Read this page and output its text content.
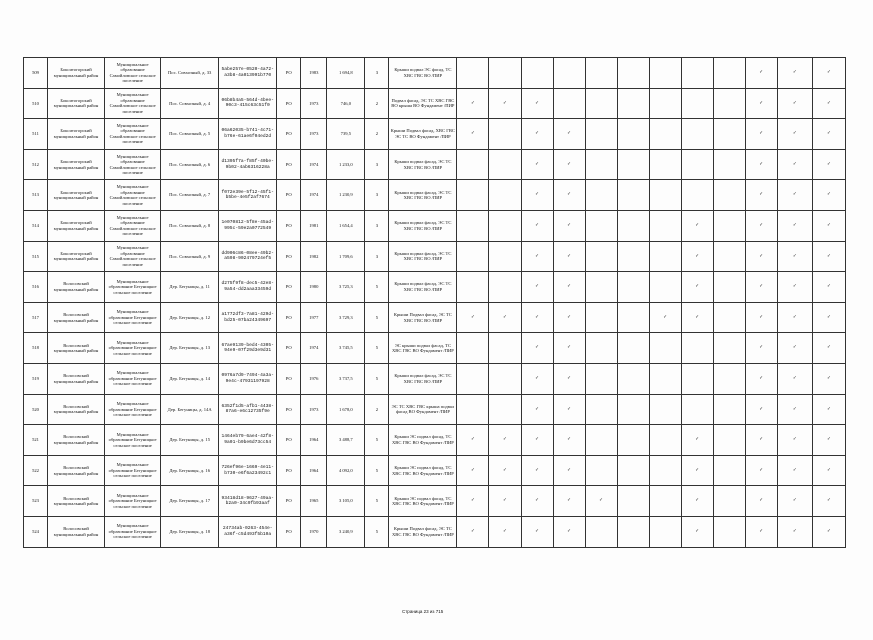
509	Бокситогорский муниципальный район	Муниципальное образование Самойловское сельское поселение	Пос. Совхозный, д. 33	5abe257e-0520-4a72-a3b8-4a013991b770	РО	1983	1 694,8	3	Крыши подвал ЭС фасад, ТС ХВС ГВС ВО /ПИР										✓	✓	✓
510	Бокситогорский муниципальный район	Муниципальное образование Самойловское сельское поселение	Пос. Совхозный, д. 4	06b8b4a5-564d-4bee-90c3-415c63c51f0	РО	1973	746,0	2	Подвал фасад, ЭС ТС ХВС ГВС ВО крыша ВО Фундамент /ПИР	✓	✓	✓							✓	✓	✓
511	Бокситогорский муниципальный район	Муниципальное образование Самойловское сельское поселение	Пос. Совхозный, д. 5	06a62035-b741-4c71-b76e-61ae6f04ed2d	РО	1973	739,5	2	Крыши Подвал фасад, ХВС ГВС ЭС ТС ВО Фундамент /ПИР	✓		✓	✓						✓	✓	✓
512	Бокситогорский муниципальный район	Муниципальное образование Самойловское сельское поселение	Пос. Совхозный, д. 6	d1395f7a-f85f-40be-9b02-4ab6316228a	РО	1974	1 233,0	3	Крыши подвал фасад, ЭС ТС ХВС ГВС ВО /ПИР			✓	✓						✓	✓	✓
513	Бокситогорский муниципальный район	Муниципальное образование Самойловское сельское поселение	Пос. Совхозный, д. 7	f072e39e-5f12-45f1-b5be-4e5f2af7674	РО	1974	1 230,9	3	Крыши подвал фасад, ЭС ТС ХВС ГВС ВО /ПИР			✓	✓						✓	✓	✓
514	Бокситогорский муниципальный район	Муниципальное образование Самойловское сельское поселение	Пос. Совхозный, д. 8	1e070812-5f8e-45ad-995c-59e2a0772549	РО	1981	1 654,4	3	Крыши подвал фасад, ЭС ТС ХВС ГВС ВО /ПИР			✓	✓				✓		✓	✓	✓
515	Бокситогорский муниципальный район	Муниципальное образование Самойловское сельское поселение	Пос. Совхозный, д. 9	dd906c86-08ee-49b2-a598-902479724ef5	РО	1982	1 709,6	3	Крыши подвал фасад, ЭС ТС ХВС ГВС ВО /ПИР			✓	✓				✓		✓	✓	✓
516	Волосовский муниципальный район	Муниципальное образование Бегуницкое сельское поселение	Дер. Бегуницы, д. 11	d275f9f8-dec5-42e8-9a54-dd2aaa33459d	РО	1980	3 725,3	5	Крыши подвал фасад, ЭС ТС ХВС ГВС ВО /ПИР			✓	✓				✓		✓	✓	✓
517	Волосовский муниципальный район	Муниципальное образование Бегуницкое сельское поселение	Дер. Бегуницы, д. 12	a1772df3-7a81-429d-bd25-07ba24349697	РО	1977	3 729,3	5	Крыши Подвал фасад, ЭС ТС ХВС ГВС ВО /ПИР	✓	✓	✓	✓			✓	✓		✓	✓	✓
518	Волосовский муниципальный район	Муниципальное образование Бегуницкое сельское поселение	Дер. Бегуницы, д. 13	67ae9139-bed4-4305-94e9-07f29d3e9d31	РО	1974	3 745,5	5	ЭС крыши подвал фасад, ТС ХВС ГВС ВО Фундамент /ПИР			✓	✓						✓	✓	✓
519	Волосовский муниципальный район	Муниципальное образование Бегуницкое сельское поселение	Дер. Бегуницы, д. 14	0976a7d9-7494-4a3a-9e4c-47931197928	РО	1976	3 737,5	5	Крыши подвал фасад, ЭС ТС ХВС ГВС ВО /ПИР			✓	✓						✓	✓	✓
520	Волосовский муниципальный район	Муниципальное образование Бегуницкое сельское поселение	Дер. Бегуницы, д. 14А	6352f1d5-afb1-4438-87a6-e6c12735f9e	РО	1973	1 678,0	2	ЭС ТС ХВС ГВС крыша подвал фасад ВО Фундамент /ПИР			✓	✓						✓	✓	✓
521	Волосовский муниципальный район	Муниципальное образование Бегуницкое сельское поселение	Дер. Бегуницы, д. 15	1464eb79-6ae4-42f8-9a01-b9be6d73cc54	РО	1964	3 488,7	5	Крыши ЭС подвал фасад, ТС ХВС ГВС ВО Фундамент /ПИР	✓	✓	✓	✓				✓		✓	✓	✓
522	Волосовский муниципальный район	Муниципальное образование Бегуницкое сельское поселение	Дер. Бегуницы, д. 16	726ef96e-1669-4e11-b730-e6f6a23492c1	РО	1964	4 092,0	5	Крыши ЭС подвал фасад, ТС ХВС ГВС ВО Фундамент /ПИР	✓	✓	✓	✓				✓		✓	✓	✓
523	Волосовский муниципальный район	Муниципальное образование Бегуницкое сельское поселение	Дер. Бегуницы, д. 17	93418d18-9627-49aa-b2a0-34c9fb93aaf	РО	1965	3 105,0	5	Крыши ЭС подвал фасад, ТС ХВС ГВС ВО Фундамент /ПИР	✓	✓	✓	✓	✓			✓		✓	✓	✓
524	Волосовский муниципальный район	Муниципальное образование Бегуницкое сельское поселение	Дер. Бегуницы, д. 18	24734ab-0263-454e-a36f-c5d493f5b10a	РО	1970	3 240,9	5	Крыши Подвал фасад, ЭС ТС ХВС ГВС ВО Фундамент /ПИР	✓	✓	✓	✓				✓		✓	✓	✓
Страница 23 из 715
